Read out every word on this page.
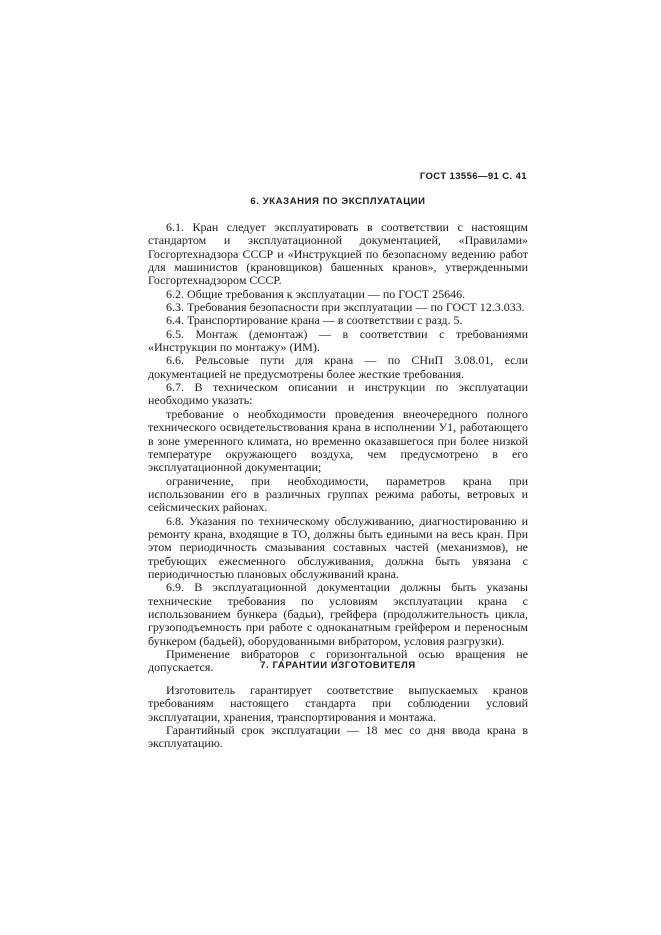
ГОСТ 13556—91 С. 41
6. УКАЗАНИЯ ПО ЭКСПЛУАТАЦИИ

6.1. Кран следует эксплуатировать в соответствии с настоящим стандартом и эксплуатационной документацией, «Правилами» Госгортехнадзора СССР и «Инструкцией по безопасному ведению работ для машинистов (крановщиков) башенных кранов», утвержденными Госгортехнадзором СССР.

6.2. Общие требования к эксплуатации — по ГОСТ 25646.

6.3. Требования безопасности при эксплуатации — по ГОСТ 12.3.033.

6.4. Транспортирование крана — в соответствии с разд. 5.

6.5. Монтаж (демонтаж) — в соответствии с требованиями «Инструкции по монтажу» (ИМ).

6.6. Рельсовые пути для крана — по СНиП 3.08.01, если документацией не предусмотрены более жесткие требования.

6.7. В техническом описании и инструкции по эксплуатации необходимо указать:

требование о необходимости проведения внеочередного полного технического освидетельствования крана в исполнении У1, работающего в зоне умеренного климата, но временно оказавшегося при более низкой температуре окружающего воздуха, чем предусмотрено в его эксплуатационной документации;

ограничение, при необходимости, параметров крана при использовании его в различных группах режима работы, ветровых и сейсмических районах.

6.8. Указания по техническому обслуживанию, диагностированию и ремонту крана, входящие в ТО, должны быть едиными на весь кран. При этом периодичность смазывания составных частей (механизмов), не требующих ежесменного обслуживания, должна быть увязана с периодичностью плановых обслуживаний крана.

6.9. В эксплуатационной документации должны быть указаны технические требования по условиям эксплуатации крана с использованием бункера (бадьи), грейфера (продолжительность цикла, грузоподъемность при работе с одноканатным грейфером и переносным бункером (бадьей), оборудованными вибратором, условия разгрузки).

Применение вибраторов с горизонтальной осью вращения не допускается.	7. ГАРАНТИИ ИЗГОТОВИТЕЛЯ

Изготовитель гарантирует соответствие выпускаемых кранов требованиям настоящего стандарта при соблюдении условий эксплуатации, хранения, транспортирования и монтажа.

Гарантийный срок эксплуатации — 18 мес со дня ввода крана в эксплуатацию.
